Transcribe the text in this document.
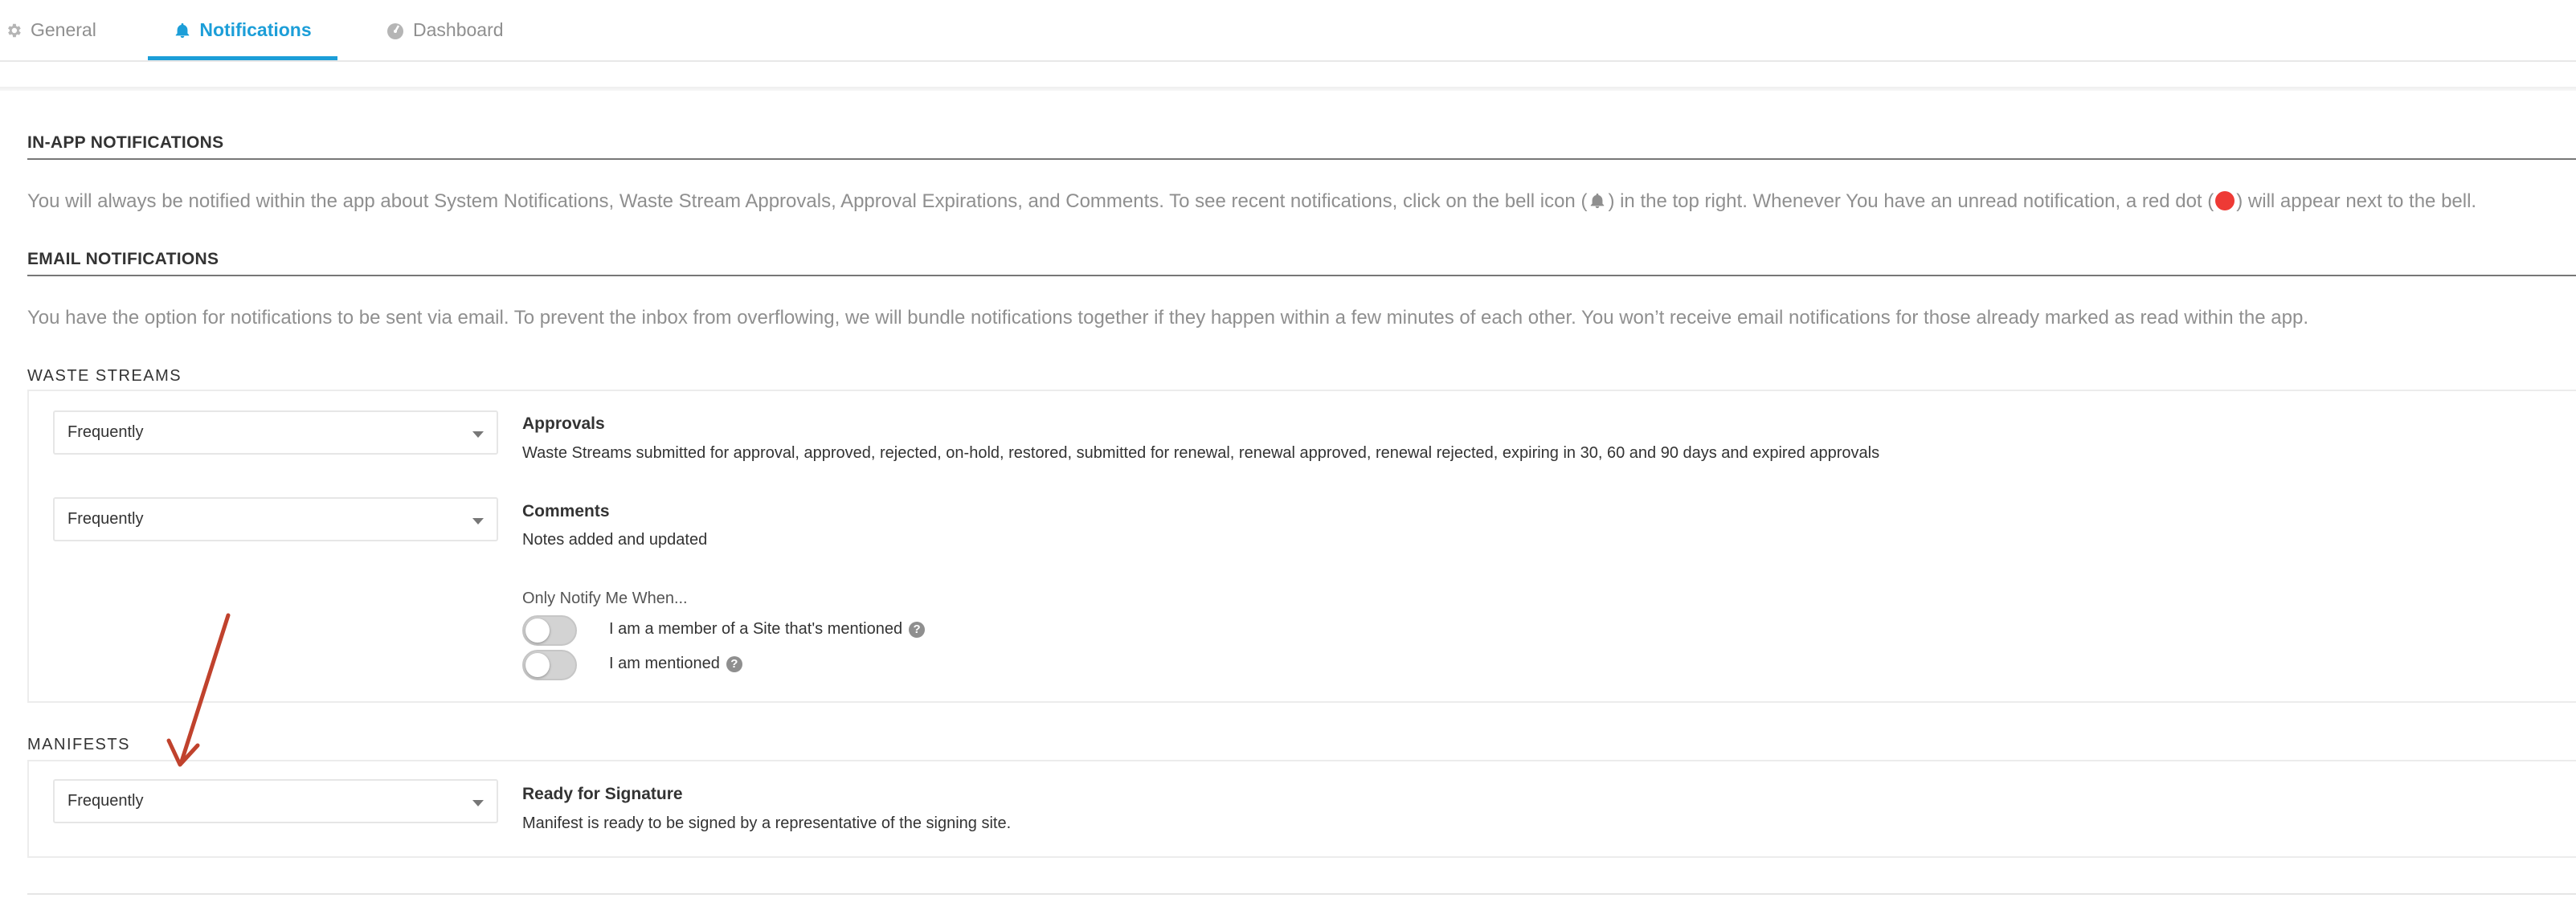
General	Notifications	Dashboard
IN-APP NOTIFICATIONS
You will always be notified within the app about System Notifications, Waste Stream Approvals, Approval Expirations, and Comments. To see recent notifications, click on the bell icon ( ) in the top right. Whenever You have an unread notification, a red dot ( ) will appear next to the bell.
EMAIL NOTIFICATIONS
You have the option for notifications to be sent via email. To prevent the inbox from overflowing, we will bundle notifications together if they happen within a few minutes of each other. You won’t receive email notifications for those already marked as read within the app.
WASTE STREAMS
Frequently	Approvals
Waste Streams submitted for approval, approved, rejected, on-hold, restored, submitted for renewal, renewal approved, renewal rejected, expiring in 30, 60 and 90 days and expired approvals
Frequently	Comments
Notes added and updated
Only Notify Me When...
I am a member of a Site that's mentioned ?
I am mentioned ?
MANIFESTS
Frequently	Ready for Signature
Manifest is ready to be signed by a representative of the signing site.
